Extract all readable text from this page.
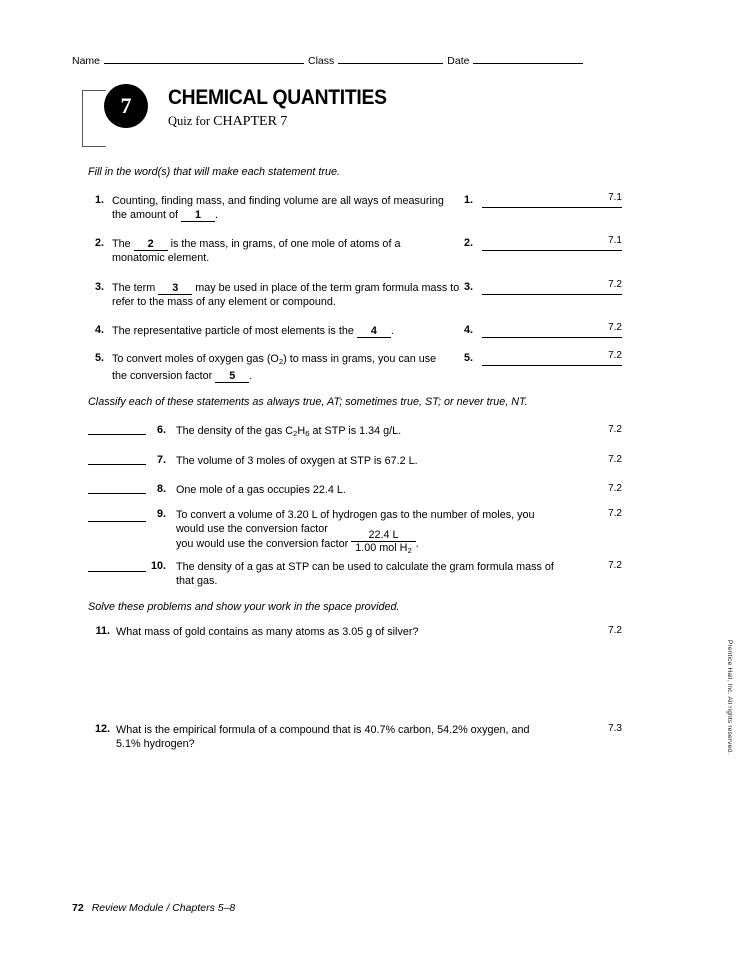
Name	Class	Date
7	CHEMICAL QUANTITIES
Quiz for CHAPTER 7
Fill in the word(s) that will make each statement true.
1. Counting, finding mass, and finding volume are all ways of measuring the amount of 1 .
1.	7.1
2. The 2 is the mass, in grams, of one mole of atoms of a monatomic element.
2.	7.1
3. The term 3 may be used in place of the term gram formula mass to refer to the mass of any element or compound.
3.	7.2
4. The representative particle of most elements is the 4 .	4.	7.2
5. To convert moles of oxygen gas $(O_2)$ to mass in grams, you can use the conversion factor 5 .
5.	7.2
Classify each of these statements as always true, AT; sometimes true, ST; or never true, NT.
6. The density of the gas $C_2H_6$ at STP is 1.34 g/L.	7.2
7. The volume of 3 moles of oxygen at STP is 67.2 L.	7.2
8. One mole of a gas occupies 22.4 L.	7.2
9. To convert a volume of 3.20 L of hydrogen gas to the number of moles, you would use the conversion factor
you would use the conversion factor $\frac{22.4 L}{1.00 mol H_2}$ .
7.2
10. The density of a gas at STP can be used to calculate the gram formula mass of that gas.
7.2
Solve these problems and show your work in the space provided.
11. What mass of gold contains as many atoms as 3.05 g of silver?	7.2
12. What is the empirical formula of a compound that is 40.7% carbon, 54.2% oxygen, and 5.1% hydrogen?
7.3	Prentice Hall, Inc. All rights reserved.
72 Review Module / Chapters 5–8
